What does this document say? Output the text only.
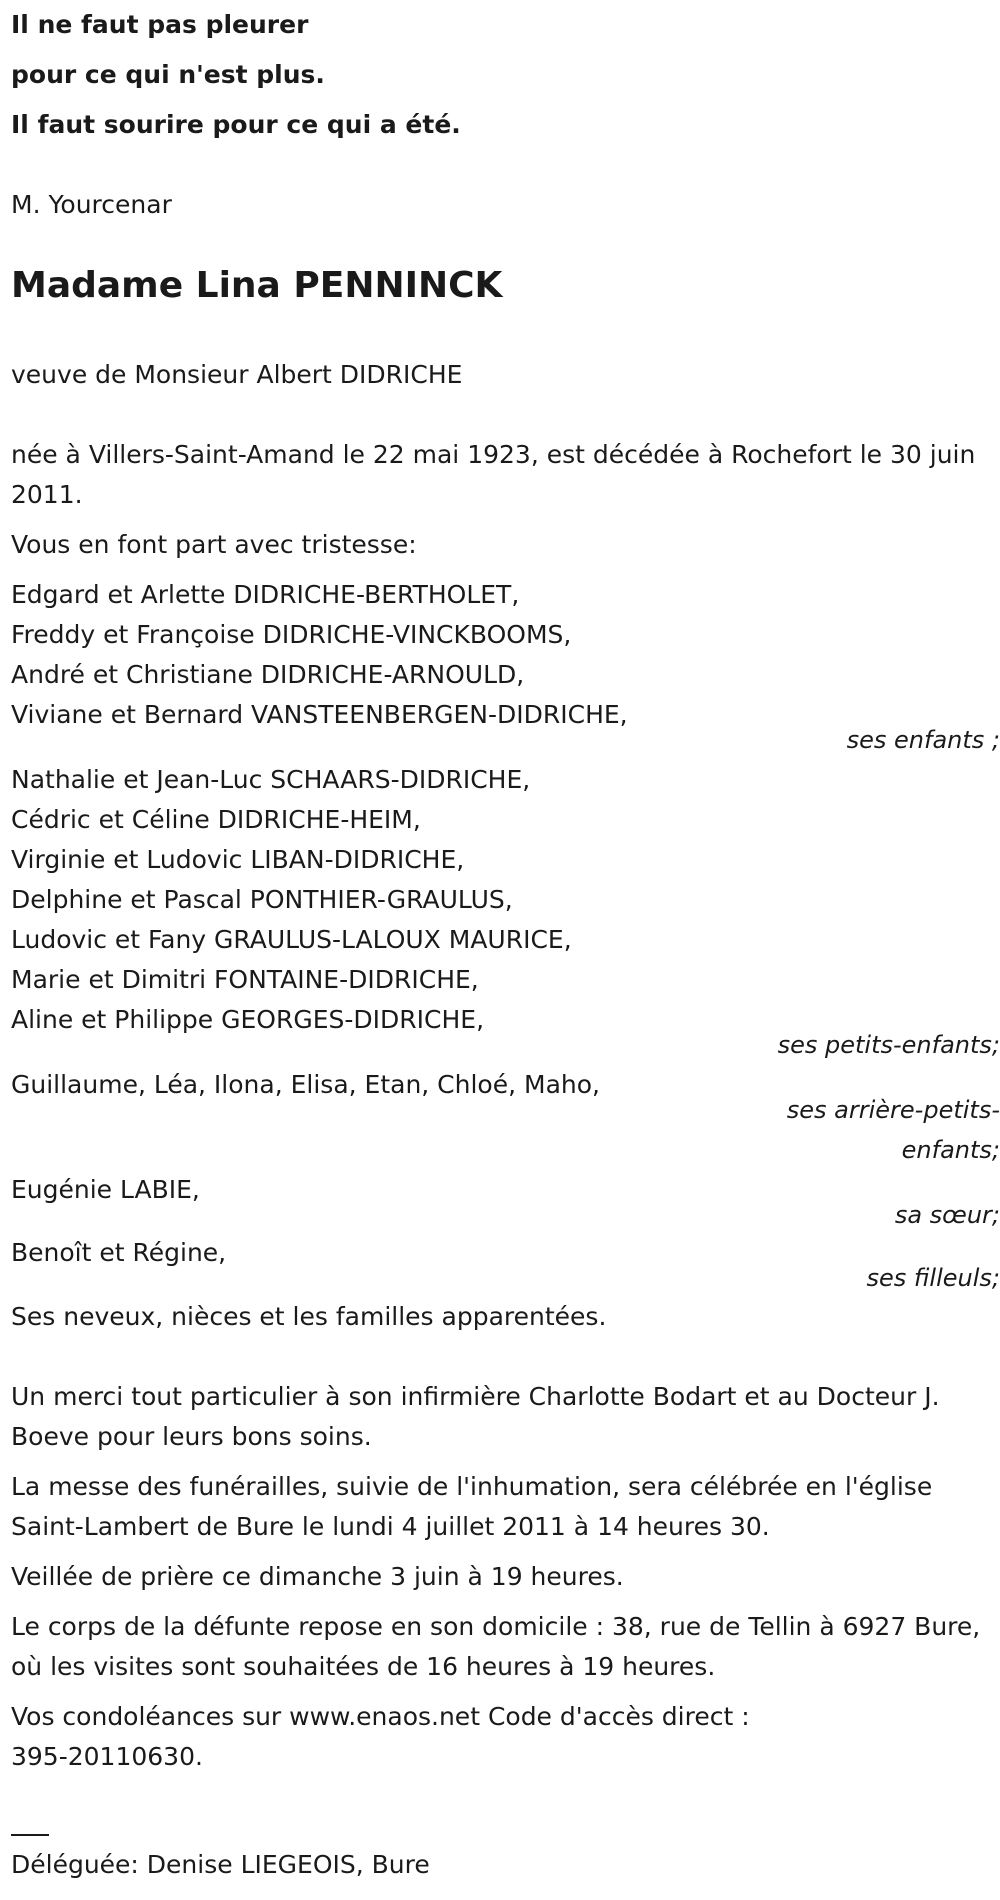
Il ne faut pas pleurer
pour ce qui n'est plus.
Il faut sourire pour ce qui a été.
M. Yourcenar
Madame Lina PENNINCK
veuve de Monsieur Albert DIDRICHE
née à Villers-Saint-Amand le 22 mai 1923, est décédée à Rochefort le 30 juin 2011.
Vous en font part avec tristesse:
Edgard et Arlette DIDRICHE-BERTHOLET,
Freddy et Françoise DIDRICHE-VINCKBOOMS,
André et Christiane DIDRICHE-ARNOULD,
Viviane et Bernard VANSTEENBERGEN-DIDRICHE,
ses enfants ;
Nathalie et Jean-Luc SCHAARS-DIDRICHE,
Cédric et Céline DIDRICHE-HEIM,
Virginie et Ludovic LIBAN-DIDRICHE,
Delphine et Pascal PONTHIER-GRAULUS,
Ludovic et Fany GRAULUS-LALOUX MAURICE,
Marie et Dimitri FONTAINE-DIDRICHE,
Aline et Philippe GEORGES-DIDRICHE,
ses petits-enfants;
Guillaume, Léa, Ilona, Elisa, Etan, Chloé, Maho,
ses arrière-petits-enfants;
Eugénie LABIE,
sa sœur;
Benoît et Régine,
ses filleuls;
Ses neveux, nièces et les familles apparentées.
Un merci tout particulier à son infirmière Charlotte Bodart et au Docteur J. Boeve pour leurs bons soins.
La messe des funérailles, suivie de l'inhumation, sera célébrée en l'église Saint-Lambert de Bure le lundi 4 juillet 2011 à 14 heures 30.
Veillée de prière ce dimanche 3 juin à 19 heures.
Le corps de la défunte repose en son domicile : 38, rue de Tellin à 6927 Bure, où les visites sont souhaitées de 16 heures à 19 heures.
Vos condoléances sur www.enaos.net Code d'accès direct : 395-20110630.
Déléguée: Denise LIEGEOIS, Bure
